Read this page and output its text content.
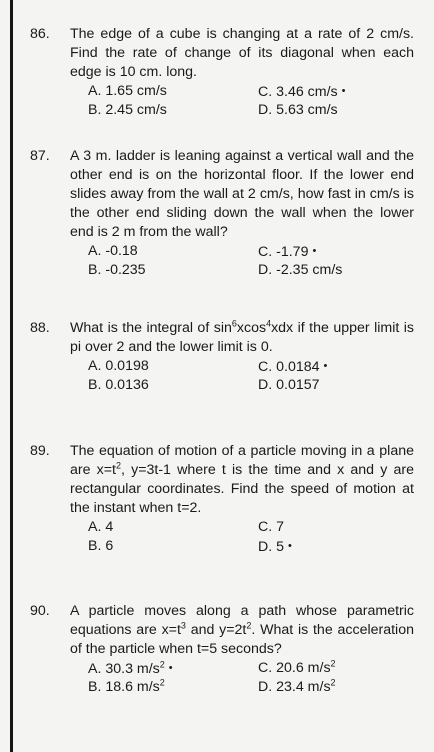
86. The edge of a cube is changing at a rate of 2 cm/s. Find the rate of change of its diagonal when each edge is 10 cm. long.
A. 1.65 cm/s
B. 2.45 cm/s
C. 3.46 cm/s •
D. 5.63 cm/s
87. A 3 m. ladder is leaning against a vertical wall and the other end is on the horizontal floor. If the lower end slides away from the wall at 2 cm/s, how fast in cm/s is the other end sliding down the wall when the lower end is 2 m from the wall?
A. -0.18
B. -0.235
C. -1.79 •
D. -2.35 cm/s
88. What is the integral of $\sin^6xcos^4xdx$ if the upper limit is pi over 2 and the lower limit is 0.
A. 0.0198
B. 0.0136
C. 0.0184 •
D. 0.0157
89. The equation of motion of a particle moving in a plane are $x=t^2$, y=3t-1 where t is the time and x and y are rectangular coordinates. Find the speed of motion at the instant when t=2.
A. 4
B. 6
C. 7
D. 5 •
90. A particle moves along a path whose parametric equations are $x=t^3$ and $y=2t^2$. What is the acceleration of the particle when t=5 seconds?
A. 30.3 $m/s^2$ •
B. 18.6 $m/s^2$
C. 20.6 $m/s^2$
D. 23.4 $m/s^2$
